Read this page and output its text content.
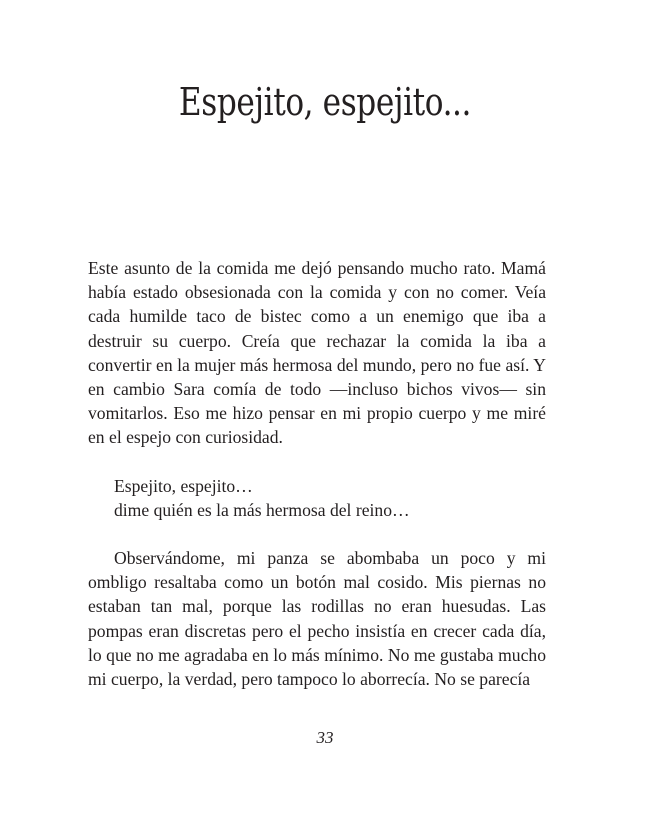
Espejito, espejito...

Este asunto de la comida me dejó pensando mucho rato. Mamá había estado obsesionada con la comida y con no comer. Veía cada humilde taco de bistec como a un enemigo que iba a destruir su cuerpo. Creía que rechazar la comida la iba a convertir en la mujer más hermosa del mundo, pero no fue así. Y en cambio Sara comía de todo —incluso bichos vivos— sin vomitarlos. Eso me hizo pensar en mi propio cuerpo y me miré en el espejo con curiosidad.

Espejito, espejito…
dime quién es la más hermosa del reino…

Observándome, mi panza se abombaba un poco y mi ombligo resaltaba como un botón mal cosido. Mis piernas no estaban tan mal, porque las rodillas no eran huesudas. Las pompas eran discretas pero el pecho insistía en crecer cada día, lo que no me agradaba en lo más mínimo. No me gustaba mucho mi cuerpo, la verdad, pero tampoco lo aborrecía. No se parecía

33
